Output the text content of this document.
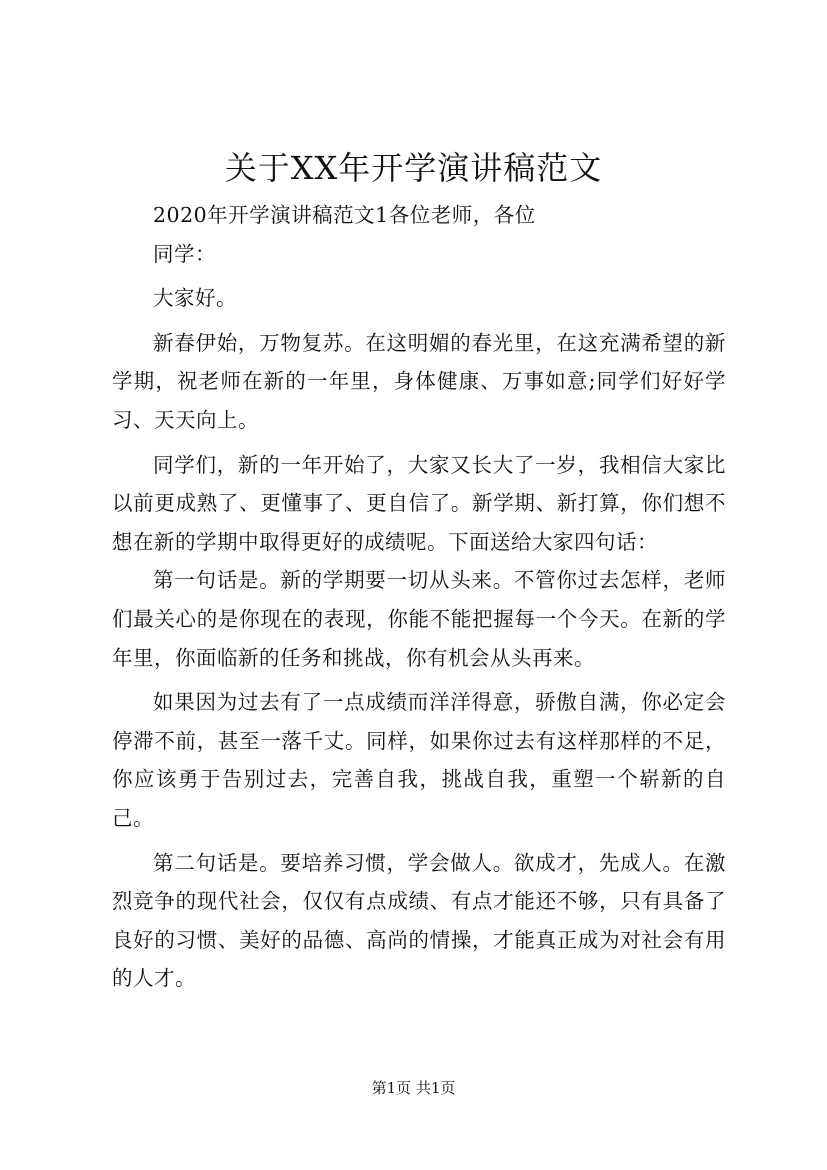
关于XX年开学演讲稿范文

2020年开学演讲稿范文1各位老师，各位

同学：

大家好。

新春伊始，万物复苏。在这明媚的春光里，在这充满希望的新学期，祝老师在新的一年里，身体健康、万事如意;同学们好好学习、天天向上。

同学们，新的一年开始了，大家又长大了一岁，我相信大家比以前更成熟了、更懂事了、更自信了。新学期、新打算，你们想不想在新的学期中取得更好的成绩呢。下面送给大家四句话：

第一句话是。新的学期要一切从头来。不管你过去怎样，老师们最关心的是你现在的表现，你能不能把握每一个今天。在新的学年里，你面临新的任务和挑战，你有机会从头再来。

如果因为过去有了一点成绩而洋洋得意，骄傲自满，你必定会停滞不前，甚至一落千丈。同样，如果你过去有这样那样的不足，你应该勇于告别过去，完善自我，挑战自我，重塑一个崭新的自己。

第二句话是。要培养习惯，学会做人。欲成才，先成人。在激烈竞争的现代社会，仅仅有点成绩、有点才能还不够，只有具备了良好的习惯、美好的品德、高尚的情操，才能真正成为对社会有用的人才。

第1页 共1页
